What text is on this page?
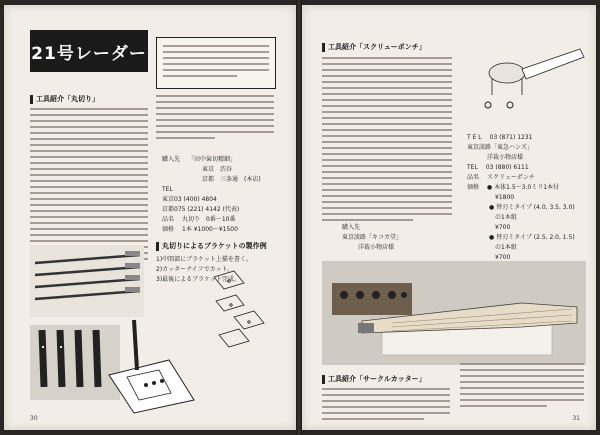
21号レーダー
工具紹介「丸切り」
購入先 「田中歯切精細」
東京　渋谷
京都　三条通　(本店)
TEL
東京03 (400) 4804
京都075 (221) 4142 (代表)
品名 丸切り　0番～10番
価格 1本 ¥1000～¥1500
丸切りによるブラケットの製作例
1)中間部にブラケット上描を書く。
2)カッターナイフでカット。
3)最後によるブラケット完成。
30
工具紹介「スクリューポンチ」
T E L 03 (871) 1231
東京淡路「東急ハンズ」
洋裁小物店様
TEL 03 (880) 6111
品名 スクリューポンチ
価格 ● 本体1.5～3.0ミリ1本付
　¥1800
● 替刃ミタイプ (4.0, 3.5, 3.0)
　の1本組
　¥700
● 替刃ミタイプ (2.5, 2.0, 1.5)
　の1本組
　¥700
購入先
東京淡路「キコカ堂」
洋裁小物店様
工具紹介「サークルカッター」
31
